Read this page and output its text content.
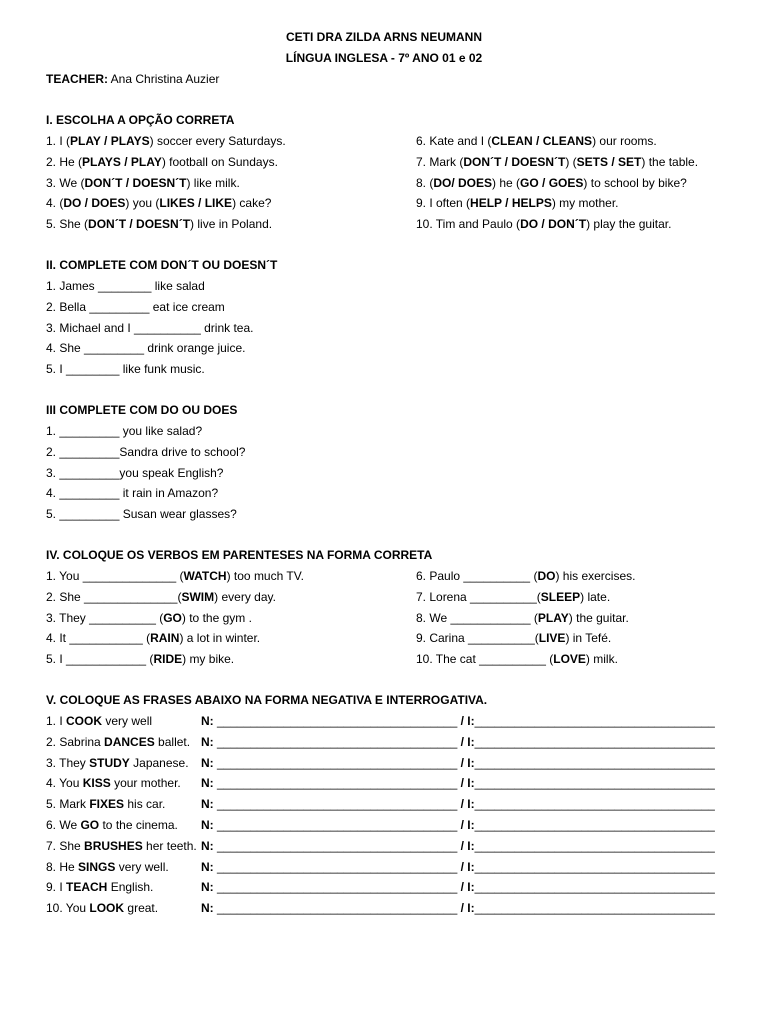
CETI DRA ZILDA ARNS NEUMANN
LÍNGUA INGLESA - 7º ANO 01 e 02
TEACHER: Ana Christina Auzier
I. ESCOLHA A OPÇÃO CORRETA
1. I (PLAY / PLAYS) soccer every Saturdays.
2. He (PLAYS / PLAY) football on Sundays.
3. We (DON´T / DOESN´T) like milk.
4. (DO / DOES) you (LIKES / LIKE) cake?
5. She (DON´T / DOESN´T) live in Poland.
6. Kate and I (CLEAN / CLEANS) our rooms.
7. Mark (DON´T / DOESN´T) (SETS / SET) the table.
8. (DO/ DOES) he (GO / GOES) to school by bike?
9. I often (HELP / HELPS) my mother.
10. Tim and Paulo (DO / DON´T) play the guitar.
II. COMPLETE COM DON´T OU DOESN´T
1. James ________ like salad
2. Bella _________ eat ice cream
3. Michael and I __________ drink tea.
4. She _________ drink orange juice.
5. I ________ like funk music.
III COMPLETE COM DO OU DOES
1. _________ you like salad?
2. _________Sandra drive to school?
3. _________you speak English?
4. _________ it rain in Amazon?
5. _________ Susan wear glasses?
IV. COLOQUE OS VERBOS EM PARENTESES NA FORMA CORRETA
1. You ______________ (WATCH) too much TV.
2. She ______________(SWIM) every day.
3. They __________ (GO) to the gym .
4. It ___________ (RAIN) a lot in winter.
5. I ____________ (RIDE) my bike.
6. Paulo __________ (DO) his exercises.
7. Lorena __________(SLEEP) late.
8. We ____________ (PLAY) the guitar.
9. Carina __________(LIVE) in Tefé.
10. The cat __________ (LOVE) milk.
V. COLOQUE AS FRASES ABAIXO NA FORMA NEGATIVA E INTERROGATIVA.
1. I COOK very well	N: ____________________________________ / I:____________________________________
2. Sabrina DANCES ballet. N: ____________________________________ / I:____________________________________
3. They STUDY Japanese. N: ____________________________________ / I:____________________________________
4. You KISS your mother. N: ____________________________________ / I:____________________________________
5. Mark FIXES his car.	N: ____________________________________ / I:____________________________________
6. We GO to the cinema. N: ____________________________________ / I:____________________________________
7. She BRUSHES her teeth. N: ____________________________________ / I:____________________________________
8. He SINGS very well.	N: ____________________________________ / I:____________________________________
9. I TEACH English.	N: ____________________________________ / I:____________________________________
10. You LOOK great.	N: ____________________________________ / I:____________________________________
